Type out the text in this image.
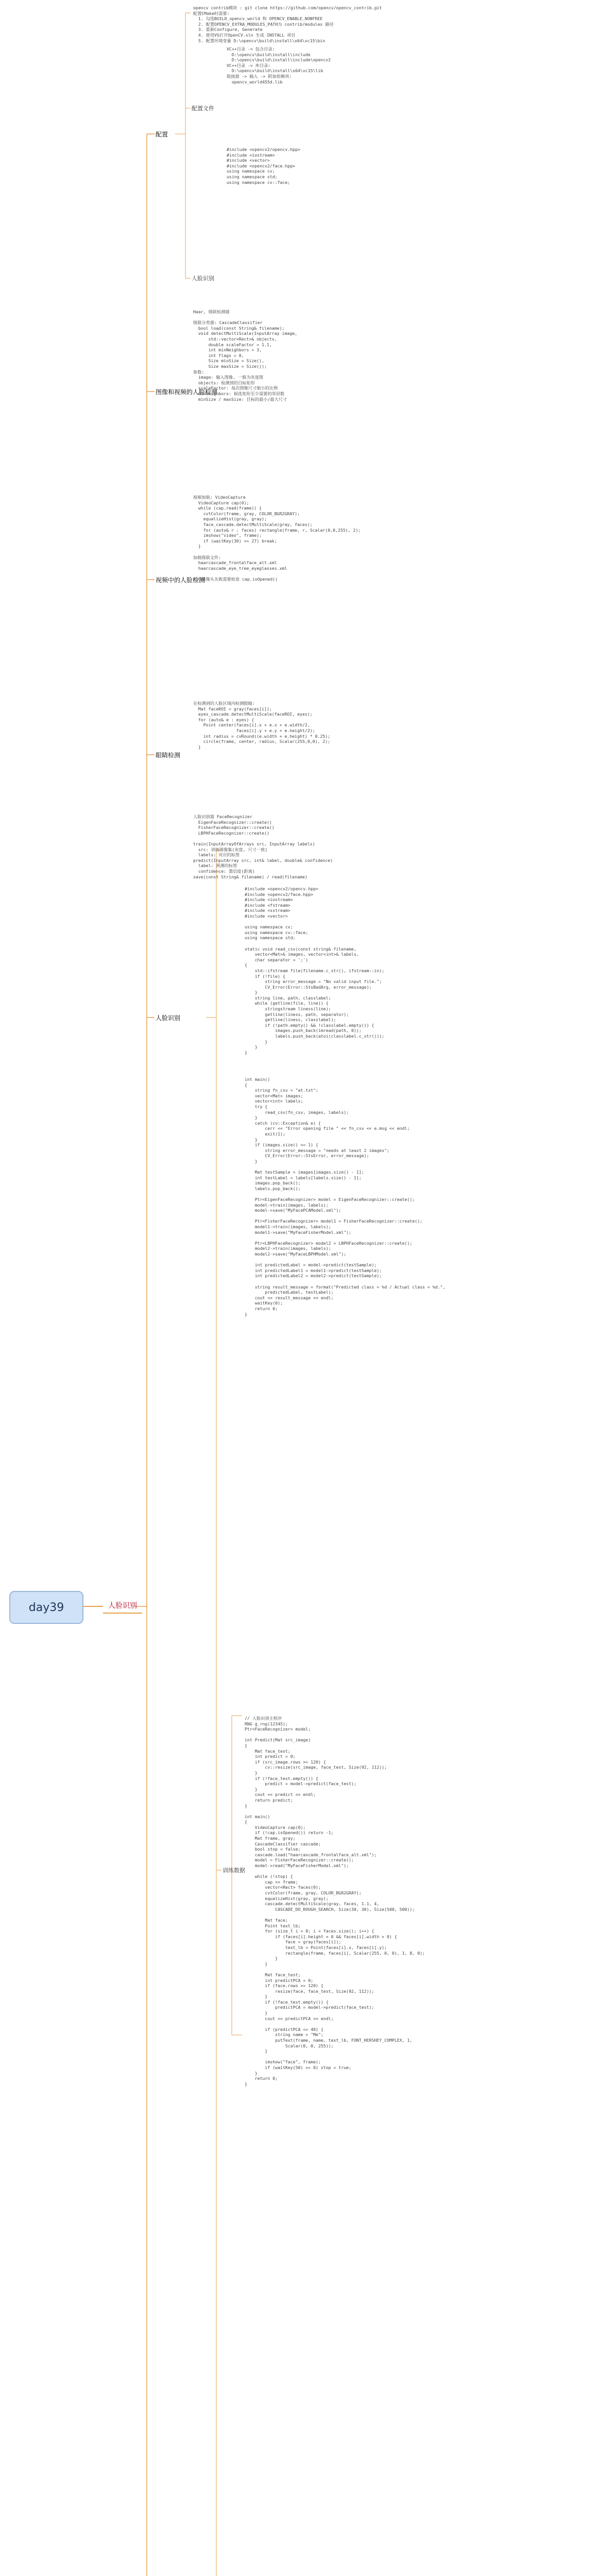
day39	人脸识别
配置
图像和视频的人脸检测
视频中的人脸检测
眼睛检测
人脸识别
配置文件
人脸识别
训练数据
opencv contrib模块 : git clone https://github.com/opencv/opencv_contrib.git
配置CMake时需要:
1. 勾选BUILD_opencv_world 和 OPENCV_ENABLE_NONFREE
2. 配置OPENCV_EXTRA_MODULES_PATH为 contrib/modules 路径
3. 重新Configure, Generate
4. 使用VS打开OpenCV.sln 生成 INSTALL 项目
5. 配置环境变量 D:\opencv\build\install\x64\vc15\bin
VC++目录 -> 包含目录:
D:\opencv\build\install\include
D:\opencv\build\install\include\opencv2
VC++目录 -> 库目录:
D:\opencv\build\install\x64\vc15\lib
链接器 -> 输入 -> 附加依赖项:
opencv_world455d.lib
#include <opencv2/opencv.hpp>
#include <iostream>
#include <vector>
#include <opencv2/face.hpp>
using namespace cv;
using namespace std;
using namespace cv::face;
Haar, 级联检测器

级联分类器: CascadeClassifier
bool load(const String& filename);
void detectMultiScale(InputArray image,
std::vector<Rect>& objects,
double scaleFactor = 1.1,
int minNeighbors = 3,
int flags = 0,
Size minSize = Size(),
Size maxSize = Size());
参数:
image: 输入图像, 一般为灰度图
objects: 检测到的目标矩形
scaleFactor: 每次图像尺寸缩小的比例
minNeighbors: 候选矩形至少需要的邻居数
minSize / maxSize: 目标的最小/最大尺寸
视频加载: VideoCapture
VideoCapture cap(0);
while (cap.read(frame)) {
cvtColor(frame, gray, COLOR_BGR2GRAY);
equalizeHist(gray, gray);
face_cascade.detectMultiScale(gray, faces);
for (auto& r : faces) rectangle(frame, r, Scalar(0,0,255), 2);
imshow("video", frame);
if (waitKey(30) == 27) break;
}

加载级联文件:
haarcascade_frontalface_alt.xml
haarcascade_eye_tree_eyeglasses.xml

打开摄像头失败需要检查 cap.isOpened()
在检测到的人脸区域内检测眼睛:
Mat faceROI = gray(faces[i]);
eyes_cascade.detectMultiScale(faceROI, eyes);
for (auto& e : eyes) {
Point center(faces[i].x + e.x + e.width/2,
faces[i].y + e.y + e.height/2);
int radius = cvRound((e.width + e.height) * 0.25);
circle(frame, center, radius, Scalar(255,0,0), 2);
}
人脸识别器 FaceRecognizer
EigenFaceRecognizer::create()
FisherFaceRecognizer::create()
LBPHFaceRecognizer::create()

train(InputArrayOfArrays src, InputArray labels)
src: 训练图像集(灰度, 尺寸一致)
labels: 对应的标签
predict(InputArray src, int& label, double& confidence)
label: 预测的标签
confidence: 置信度(距离)
save(const String& filename) / read(filename)
#include <opencv2/opencv.hpp>
#include <opencv2/face.hpp>
#include <iostream>
#include <fstream>
#include <sstream>
#include <vector>

using namespace cv;
using namespace cv::face;
using namespace std;

static void read_csv(const string& filename,
vector<Mat>& images, vector<int>& labels,
char separator = ';')
{
std::ifstream file(filename.c_str(), ifstream::in);
if (!file) {
string error_message = "No valid input file.";
CV_Error(Error::StsBadArg, error_message);
}
string line, path, classlabel;
while (getline(file, line)) {
stringstream liness(line);
getline(liness, path, separator);
getline(liness, classlabel);
if (!path.empty() && !classlabel.empty()) {
images.push_back(imread(path, 0));
labels.push_back(atoi(classlabel.c_str()));
}
}
}
int main()
{
string fn_csv = "at.txt";
vector<Mat> images;
vector<int> labels;
try {
read_csv(fn_csv, images, labels);
}
catch (cv::Exception& e) {
cerr << "Error opening file " << fn_csv << e.msg << endl;
exit(1);
}
if (images.size() <= 1) {
string error_message = "needs at least 2 images";
CV_Error(Error::StsError, error_message);
}

Mat testSample = images[images.size() - 1];
int testLabel = labels[labels.size() - 1];
images.pop_back();
labels.pop_back();

Ptr<EigenFaceRecognizer> model = EigenFaceRecognizer::create();
model->train(images, labels);
model->save("MyFacePCAModel.xml");

Ptr<FisherFaceRecognizer> model1 = FisherFaceRecognizer::create();
model1->train(images, labels);
model1->save("MyFaceFisherModel.xml");

Ptr<LBPHFaceRecognizer> model2 = LBPHFaceRecognizer::create();
model2->train(images, labels);
model2->save("MyFaceLBPHModel.xml");

int predictedLabel = model->predict(testSample);
int predictedLabel1 = model1->predict(testSample);
int predictedLabel2 = model2->predict(testSample);

string result_message = format("Predicted class = %d / Actual class = %d.",
predictedLabel, testLabel);
cout << result_message << endl;
waitKey(0);
return 0;
}
// 人脸识别主程序
RNG g_rng(12345);
Ptr<FaceRecognizer> model;

int Predict(Mat src_image)
{
Mat face_test;
int predict = 0;
if (src_image.rows >= 120) {
cv::resize(src_image, face_test, Size(92, 112));
}
if (!face_test.empty()) {
predict = model->predict(face_test);
}
cout << predict << endl;
return predict;
}

int main()
{
VideoCapture cap(0);
if (!cap.isOpened()) return -1;
Mat frame, gray;
CascadeClassifier cascade;
bool stop = false;
cascade.load("haarcascade_frontalface_alt.xml");
model = FisherFaceRecognizer::create();
model->read("MyFaceFisherModel.xml");

while (!stop) {
cap >> frame;
vector<Rect> faces(0);
cvtColor(frame, gray, COLOR_BGR2GRAY);
equalizeHist(gray, gray);
cascade.detectMultiScale(gray, faces, 1.1, 4,
CASCADE_DO_ROUGH_SEARCH, Size(30, 30), Size(500, 500));

Mat face;
Point text_lb;
for (size_t i = 0; i < faces.size(); i++) {
if (faces[i].height > 0 && faces[i].width > 0) {
face = gray(faces[i]);
text_lb = Point(faces[i].x, faces[i].y);
rectangle(frame, faces[i], Scalar(255, 0, 0), 1, 8, 0);
}
}

Mat face_test;
int predictPCA = 0;
if (face.rows >= 120) {
resize(face, face_test, Size(92, 112));
}
if (!face_test.empty()) {
predictPCA = model->predict(face_test);
}
cout << predictPCA << endl;

if (predictPCA == 40) {
string name = "Me";
putText(frame, name, text_lb, FONT_HERSHEY_COMPLEX, 1,
Scalar(0, 0, 255));
}

imshow("face", frame);
if (waitKey(50) >= 0) stop = true;
}
return 0;
}
